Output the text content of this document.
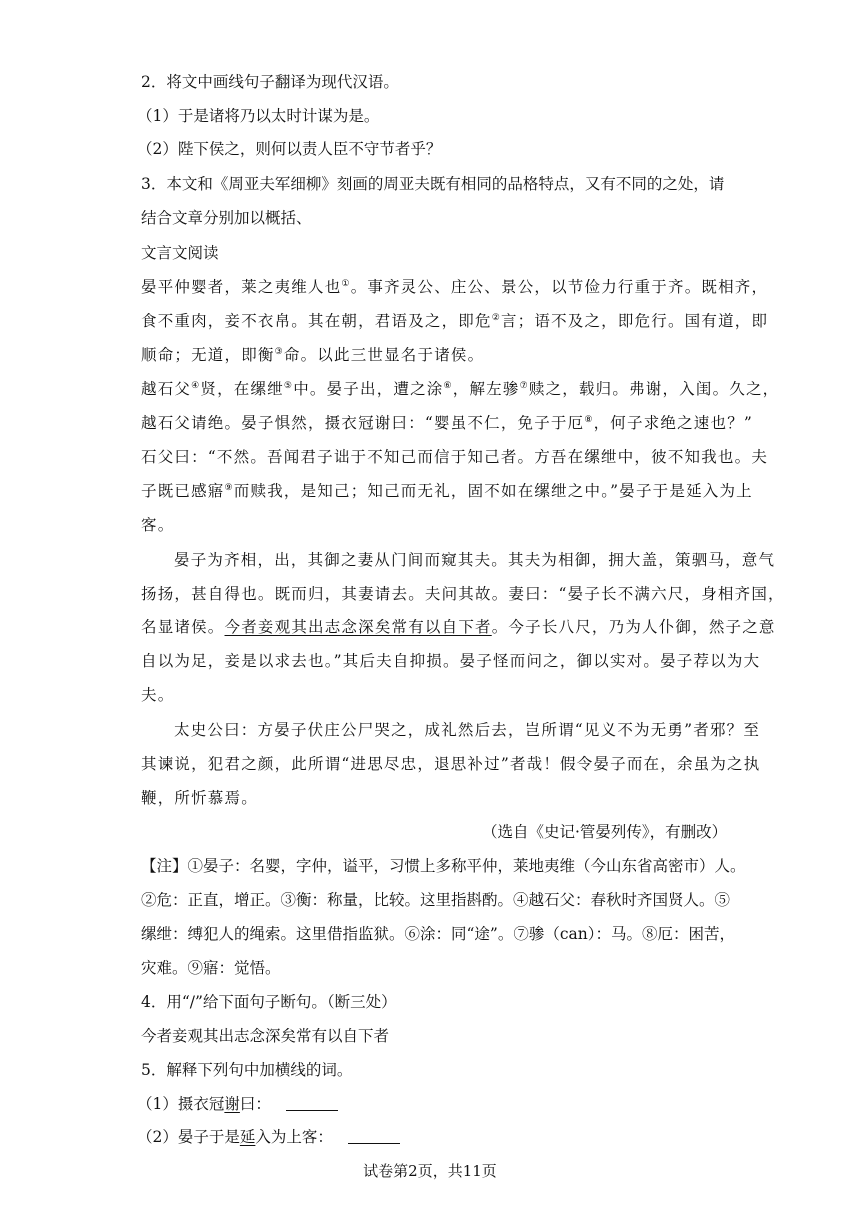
2．将文中画线句子翻译为现代汉语。
（1）于是诸将乃以太时计谋为是。
（2）陛下侯之，则何以责人臣不守节者乎？
3．本文和《周亚夫军细柳》刻画的周亚夫既有相同的品格特点，又有不同的之处，请
结合文章分别加以概括、
文言文阅读
晏平仲婴者，莱之夷维人也①。事齐灵公、庄公、景公，以节俭力行重于齐。既相齐，
食不重肉，妾不衣帛。其在朝，君语及之，即危②言；语不及之，即危行。国有道，即
顺命；无道，即衡③命。以此三世显名于诸侯。
越石父④贤，在缧绁⑤中。晏子出，遭之涂⑥，解左骖⑦赎之，载归。弗谢，入闺。久之，
越石父请绝。晏子惧然，摄衣冠谢曰：“婴虽不仁，免子于厄⑧，何子求绝之速也？”
石父曰：“不然。吾闻君子诎于不知己而信于知己者。方吾在缧绁中，彼不知我也。夫
子既已感寤⑨而赎我，是知己；知己而无礼，固不如在缧绁之中。”晏子于是延入为上
客。
晏子为齐相，出，其御之妻从门间而窥其夫。其夫为相御，拥大盖，策驷马，意气
扬扬，甚自得也。既而归，其妻请去。夫问其故。妻曰：“晏子长不满六尺，身相齐国，
名显诸侯。今者妾观其出志念深矣常有以自下者。今子长八尺，乃为人仆御，然子之意
自以为足，妾是以求去也。”其后夫自抑损。晏子怪而问之，御以实对。晏子荐以为大
夫。
太史公曰：方晏子伏庄公尸哭之，成礼然后去，岂所谓“见义不为无勇”者邪？至
其谏说，犯君之颜，此所谓“进思尽忠，退思补过”者哉！假令晏子而在，余虽为之执
鞭，所忻慕焉。
（选自《史记·管晏列传》，有删改）
【注】①晏子：名婴，字仲，谥平，习惯上多称平仲，莱地夷维（今山东省高密市）人。
②危：正直，增正。③衡：称量，比较。这里指斟酌。④越石父：春秋时齐国贤人。⑤
缧绁：缚犯人的绳索。这里借指监狱。⑥涂：同“途”。⑦骖（can）：马。⑧厄：困苦，
灾难。⑨寤：觉悟。
4．用“/”给下面句子断句。（断三处）
今者妾观其出志念深矣常有以自下者
5．解释下列句中加横线的词。
（1）摄衣冠谢曰：
（2）晏子于是延入为上客：
试卷第2页，共11页
